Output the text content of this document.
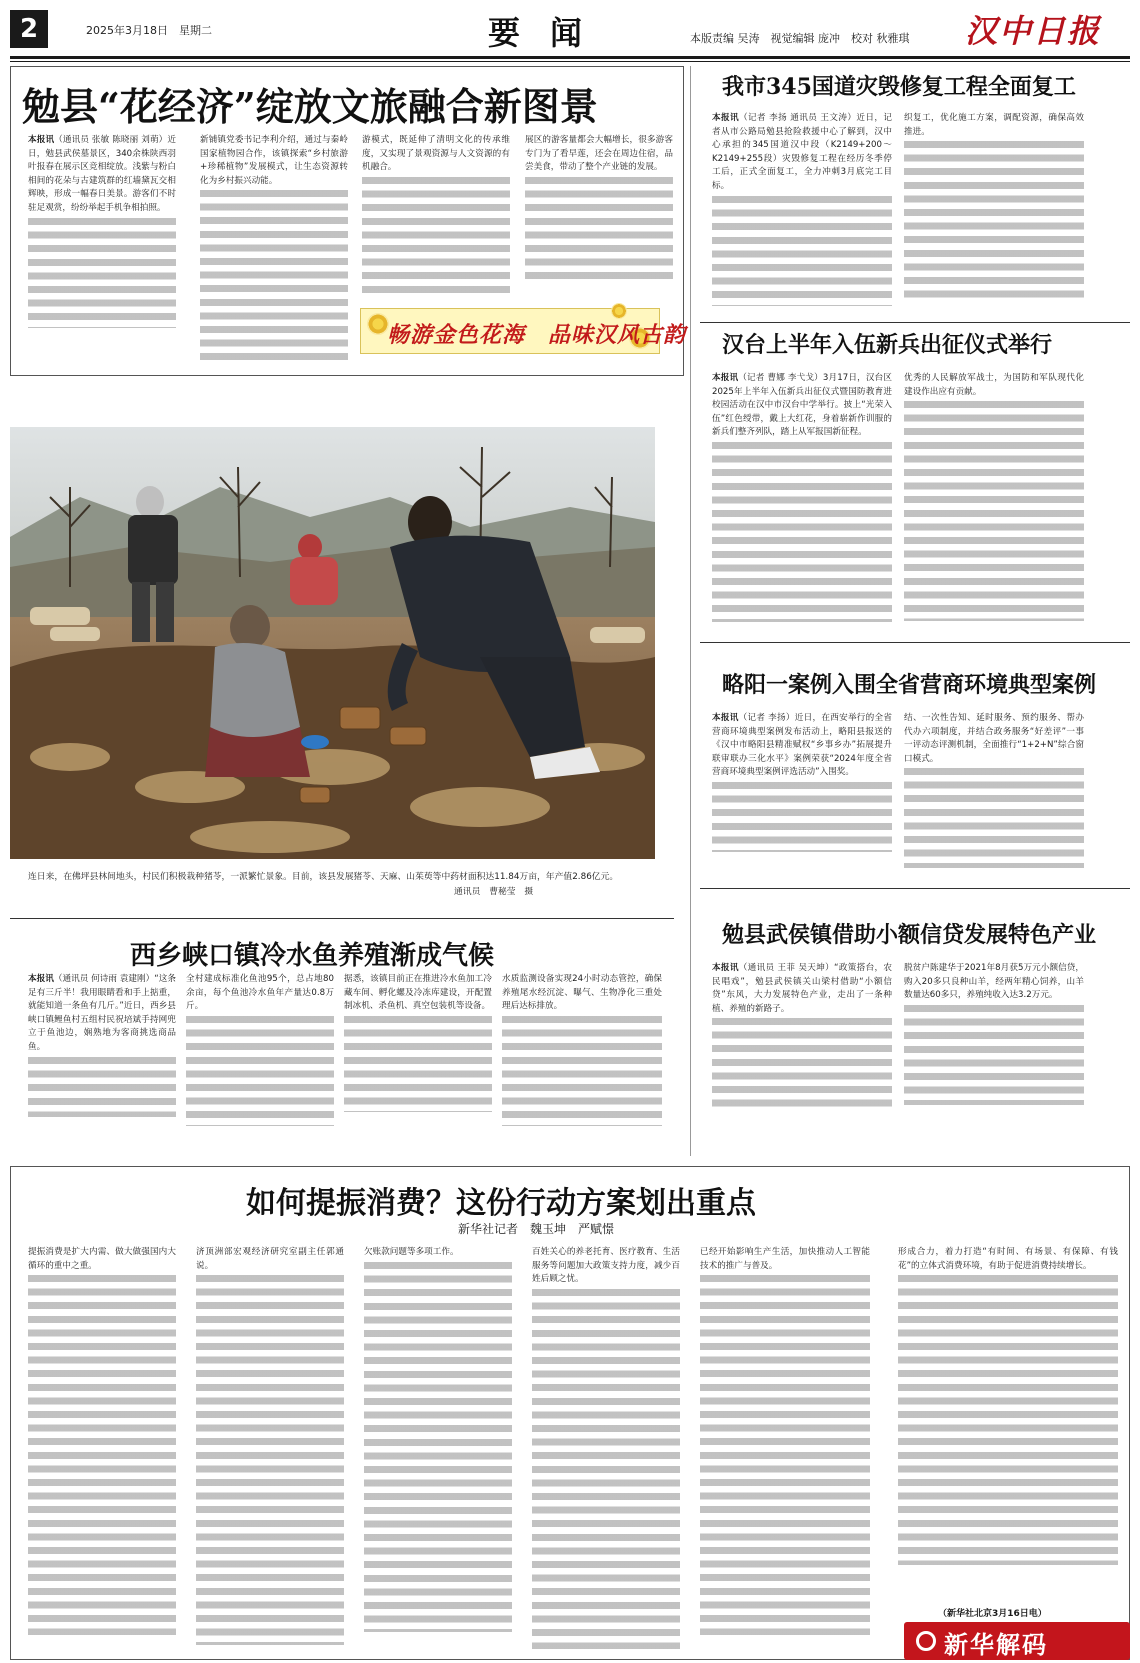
2	2025年3月18日　星期二	要闻	本版责编 吴涛　视觉编辑 庞冲　校对 秋雅琪 汉中日报
勉县“花经济”绽放文旅融合新图景
本报讯（通讯员 张敏 陈晓丽 刘萌）近日，勉县武侯墓景区，340余株陕西羽叶报春在展示区竞相绽放。浅紫与粉白相间的花朵与古建筑群的红墙黛瓦交相辉映，形成一幅春日美景。游客们不时驻足观赏，纷纷举起手机争相拍照。
新铺镇党委书记李利介绍，通过与秦岭国家植物园合作，该镇探索“乡村旅游+珍稀植物”发展模式，让生态资源转化为乡村振兴动能。
游模式，既延伸了清明文化的传承维度，又实现了景观资源与人文资源的有机融合。
展区的游客量都会大幅增长，很多游客专门为了看早莲，还会在周边住宿，品尝美食，带动了整个产业链的发展。
畅游金色花海　品味汉风古韵
连日来，在佛坪县林间地头，村民们积极栽种猪苓，一派繁忙景象。目前，该县发展猪苓、天麻、山茱萸等中药材面积达11.84万亩，年产值2.86亿元。
通讯员　曹秘莹　摄
西乡峡口镇冷水鱼养殖渐成气候
本报讯（通讯员 何诗雨 袁建刚）“这条足有三斤半！我用眼睛看和手上掂重，就能知道一条鱼有几斤。”近日，西乡县峡口镇鲤鱼村五组村民祝培斌手持网兜立于鱼池边，娴熟地为客商挑选商品鱼。
全村建成标准化鱼池95个，总占地80余亩，每个鱼池冷水鱼年产量达0.8万斤。
据悉，该镇目前正在推进冷水鱼加工冷藏车间、孵化螺及冷冻库建设，开配置制冰机、杀鱼机、真空包装机等设备。
水质监测设备实现24小时动态管控，确保养殖尾水经沉淀、曝气、生物净化三重处理后达标排放。
我市345国道灾毁修复工程全面复工
本报讯（记者 李扬 通讯员 王文涛）近日，记者从市公路局勉县抢险救援中心了解到，汉中心承担的345国道汉中段（K2149+200～K2149+255段）灾毁修复工程在经历冬季停工后，正式全面复工，全力冲刺3月底完工目标。
织复工，优化施工方案，调配资源，确保高效推进。
汉台上半年入伍新兵出征仪式举行
本报讯（记者 曹娜 李弋戈）3月17日，汉台区2025年上半年入伍新兵出征仪式暨国防教育进校园活动在汉中市汉台中学举行。披上“光荣入伍”红色绶带，戴上大红花，身着崭新作训服的新兵们整齐列队，踏上从军报国新征程。
优秀的人民解放军战士，为国防和军队现代化建设作出应有贡献。
略阳一案例入围全省营商环境典型案例
本报讯（记者 李扬）近日，在西安举行的全省营商环境典型案例发布活动上，略阳县报送的《汉中市略阳县精准赋权“乡事乡办”拓展提升联审联办三化水平》案例荣获“2024年度全省营商环境典型案例评选活动”入围奖。
结、一次性告知、延时服务、预约服务、帮办代办六项制度，并结合政务服务“好差评”一事一评动态评测机制，全面推行“1+2+N”综合窗口模式。
勉县武侯镇借助小额信贷发展特色产业
本报讯（通讯员 王菲 吴天坤）“政策搭台，农民唱戏”，勉县武侯镇关山梁村借助“小额信贷”东风，大力发展特色产业，走出了一条种植、养殖的新路子。
脱贫户陈建华于2021年8月获5万元小额信贷，购入20多只良种山羊，经两年精心饲养，山羊数量达60多只，养殖纯收入达3.2万元。
如何提振消费？这份行动方案划出重点
新华社记者　魏玉坤　严赋憬
提振消费是扩大内需、做大做强国内大循环的重中之重。
济顶洲部宏观经济研究室副主任郭通说。
欠账款问题等多项工作。	百姓关心的养老托育、医疗教育、生活服务等问题加大政策支持力度，减少百姓后顾之忧。
已经开始影响生产生活，加快推动人工智能技术的推广与普及。
形成合力，着力打造“有时间、有场景、有保障、有钱花”的立体式消费环境，有助于促进消费持续增长。
（新华社北京3月16日电）
新华解码
